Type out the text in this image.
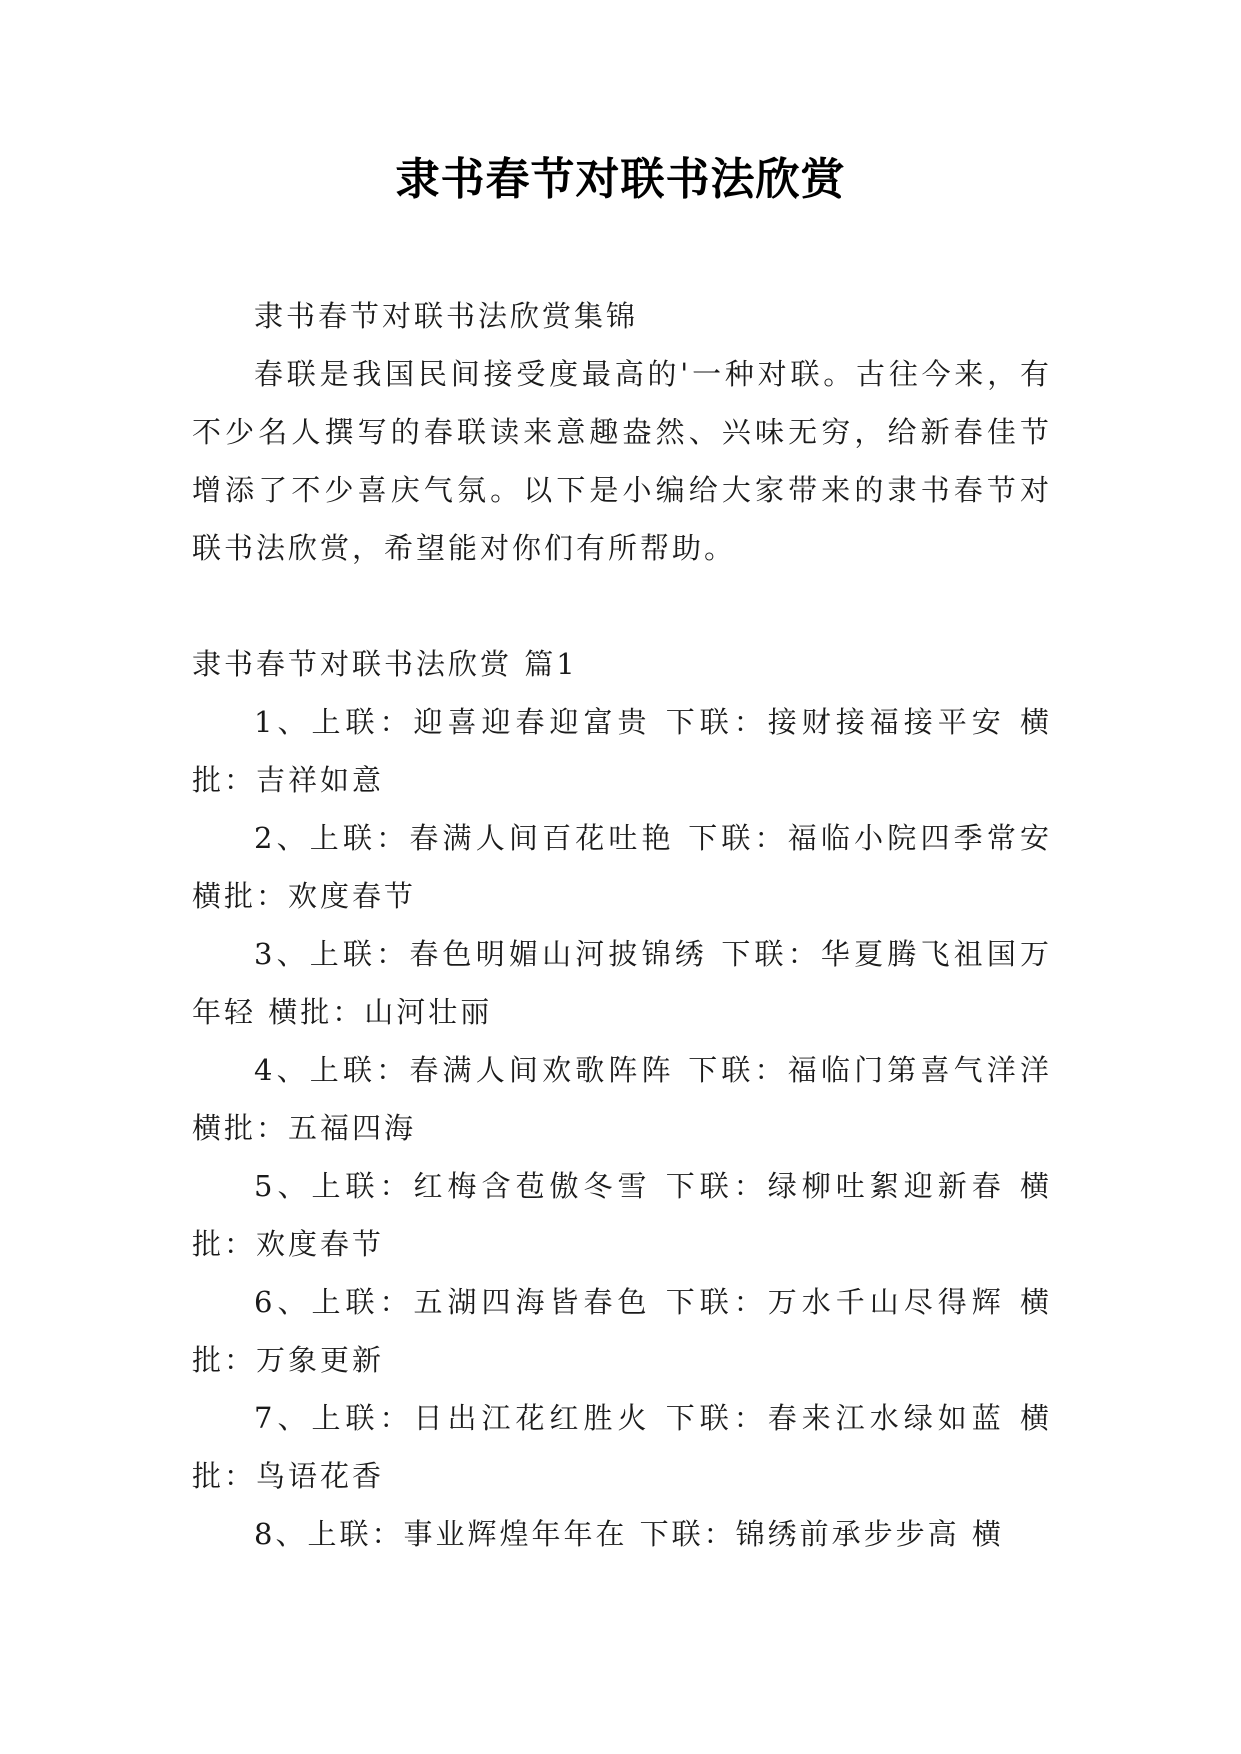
隶书春节对联书法欣赏

隶书春节对联书法欣赏集锦

春联是我国民间接受度最高的'一种对联。古往今来，有不少名人撰写的春联读来意趣盎然、兴味无穷，给新春佳节增添了不少喜庆气氛。以下是小编给大家带来的隶书春节对联书法欣赏，希望能对你们有所帮助。

隶书春节对联书法欣赏 篇1

1、上联：迎喜迎春迎富贵 下联：接财接福接平安 横批：吉祥如意

2、上联：春满人间百花吐艳 下联：福临小院四季常安 横批：欢度春节

3、上联：春色明媚山河披锦绣 下联：华夏腾飞祖国万年轻 横批：山河壮丽

4、上联：春满人间欢歌阵阵 下联：福临门第喜气洋洋 横批：五福四海

5、上联：红梅含苞傲冬雪 下联：绿柳吐絮迎新春 横批：欢度春节

6、上联：五湖四海皆春色 下联：万水千山尽得辉 横批：万象更新

7、上联：日出江花红胜火 下联：春来江水绿如蓝 横批：鸟语花香

8、上联：事业辉煌年年在 下联：锦绣前承步步高 横
